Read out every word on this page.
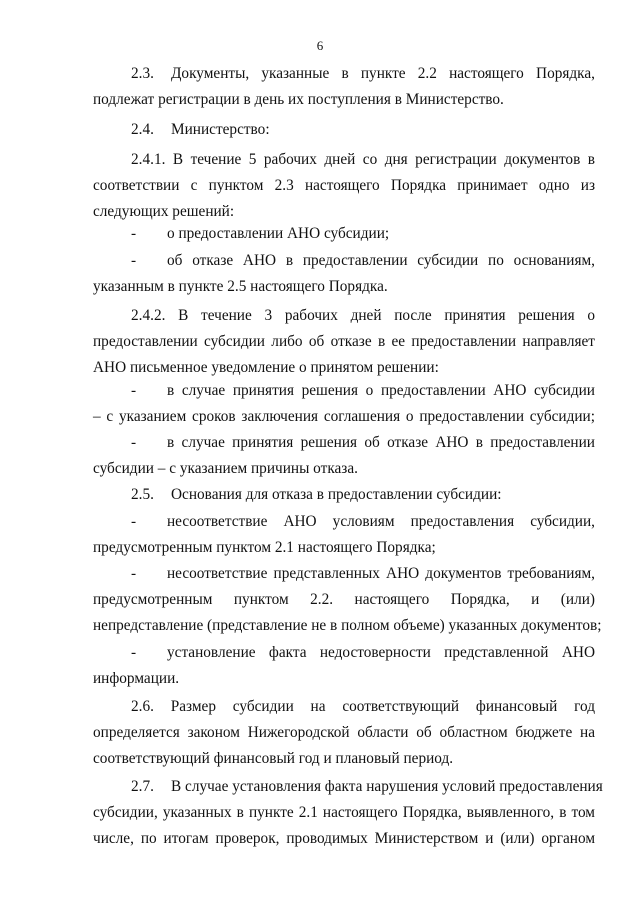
6
2.3. Документы, указанные в пункте 2.2 настоящего Порядка,
подлежат регистрации в день их поступления в Министерство.
2.4. Министерство:
2.4.1. В течение 5 рабочих дней со дня регистрации документов в
соответствии с пунктом 2.3 настоящего Порядка принимает одно из
следующих решений:
-	о предоставлении АНО субсидии;
-	об отказе АНО в предоставлении субсидии по основаниям,
указанным в пункте 2.5 настоящего Порядка.
2.4.2. В течение 3 рабочих дней после принятия решения о
предоставлении субсидии либо об отказе в ее предоставлении направляет
АНО письменное уведомление о принятом решении:
-	в случае принятия решения о предоставлении АНО субсидии
– с указанием сроков заключения соглашения о предоставлении субсидии;
-	в случае принятия решения об отказе АНО в предоставлении
субсидии – с указанием причины отказа.
2.5. Основания для отказа в предоставлении субсидии:
-	несоответствие АНО условиям предоставления субсидии,
предусмотренным пунктом 2.1 настоящего Порядка;
-	несоответствие представленных АНО документов требованиям,
предусмотренным пунктом 2.2. настоящего Порядка, и (или)
непредставление (представление не в полном объеме) указанных документов;
-	установление факта недостоверности представленной АНО
информации.
2.6. Размер субсидии на соответствующий финансовый год
определяется законом Нижегородской области об областном бюджете на
соответствующий финансовый год и плановый период.
2.7. В случае установления факта нарушения условий предоставления
субсидии, указанных в пункте 2.1 настоящего Порядка, выявленного, в том
числе, по итогам проверок, проводимых Министерством и (или) органом
